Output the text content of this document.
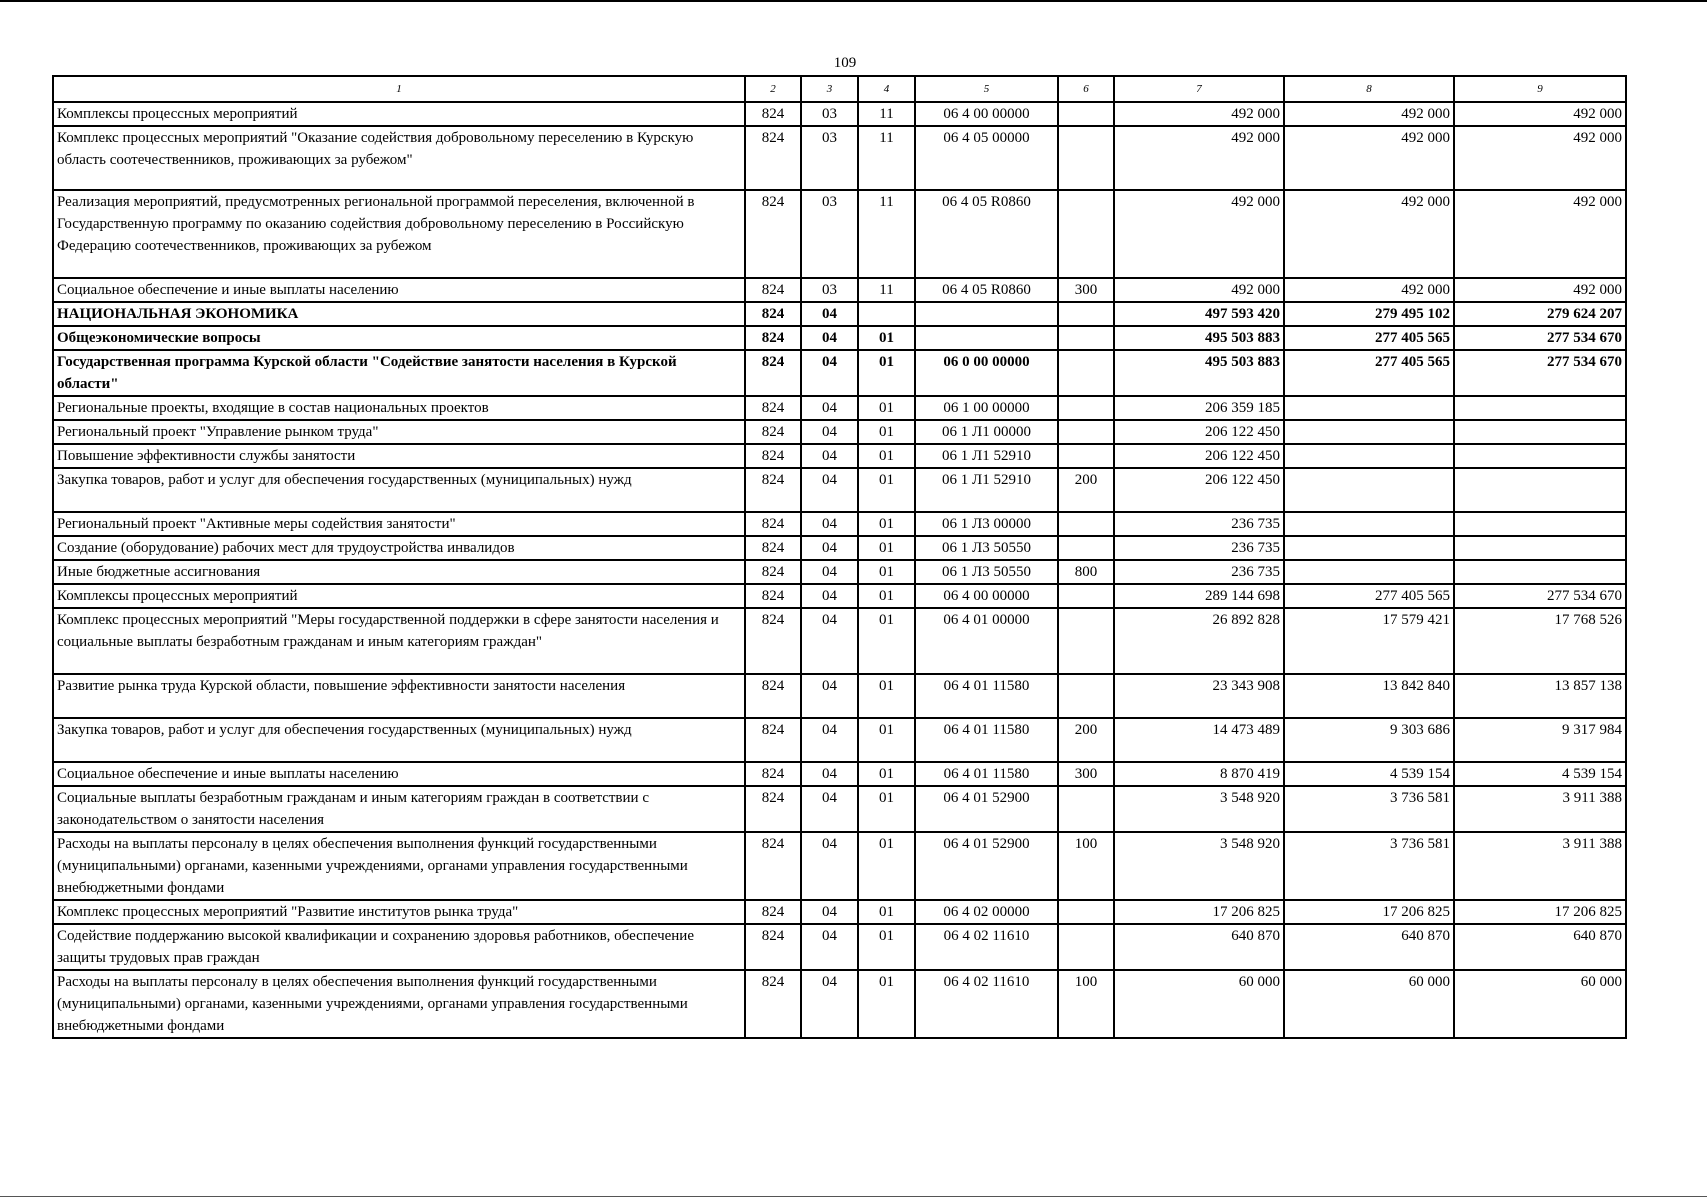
109
1	2	3	4	5	6	7	8	9
Комплексы процессных мероприятий	824	03	11	06 4 00 00000		492 000	492 000	492 000
Комплекс процессных мероприятий "Оказание содействия добровольному переселению в Курскую область соотечественников, проживающих за рубежом"	824	03	11	06 4 05 00000		492 000	492 000	492 000
Реализация мероприятий, предусмотренных региональной программой переселения, включенной в Государственную программу по оказанию содействия добровольному переселению в Российскую Федерацию соотечественников, проживающих за рубежом	824	03	11	06 4 05 R0860		492 000	492 000	492 000
Социальное обеспечение и иные выплаты населению	824	03	11	06 4 05 R0860	300	492 000	492 000	492 000
НАЦИОНАЛЬНАЯ ЭКОНОМИКА	824	04				497 593 420	279 495 102	279 624 207
Общеэкономические вопросы	824	04	01			495 503 883	277 405 565	277 534 670
Государственная программа Курской области "Содействие занятости населения в Курской области"	824	04	01	06 0 00 00000		495 503 883	277 405 565	277 534 670
Региональные проекты, входящие в состав национальных проектов	824	04	01	06 1 00 00000		206 359 185		
Региональный проект "Управление рынком труда"	824	04	01	06 1 Л1 00000		206 122 450		
Повышение эффективности службы занятости	824	04	01	06 1 Л1 52910		206 122 450		
Закупка товаров, работ и услуг для обеспечения государственных (муниципальных) нужд	824	04	01	06 1 Л1 52910	200	206 122 450		
Региональный проект "Активные меры содействия занятости"	824	04	01	06 1 Л3 00000		236 735		
Создание (оборудование) рабочих мест для трудоустройства инвалидов	824	04	01	06 1 Л3 50550		236 735		
Иные бюджетные ассигнования	824	04	01	06 1 Л3 50550	800	236 735		
Комплексы процессных мероприятий	824	04	01	06 4 00 00000		289 144 698	277 405 565	277 534 670
Комплекс процессных мероприятий "Меры государственной поддержки в сфере занятости населения и социальные выплаты безработным гражданам и иным категориям граждан"	824	04	01	06 4 01 00000		26 892 828	17 579 421	17 768 526
Развитие рынка труда Курской области, повышение эффективности занятости населения	824	04	01	06 4 01 11580		23 343 908	13 842 840	13 857 138
Закупка товаров, работ и услуг для обеспечения государственных (муниципальных) нужд	824	04	01	06 4 01 11580	200	14 473 489	9 303 686	9 317 984
Социальное обеспечение и иные выплаты населению	824	04	01	06 4 01 11580	300	8 870 419	4 539 154	4 539 154
Социальные выплаты безработным гражданам и иным категориям граждан в соответствии с законодательством о занятости населения	824	04	01	06 4 01 52900		3 548 920	3 736 581	3 911 388
Расходы на выплаты персоналу в целях обеспечения выполнения функций государственными (муниципальными) органами, казенными учреждениями, органами управления государственными внебюджетными фондами	824	04	01	06 4 01 52900	100	3 548 920	3 736 581	3 911 388
Комплекс процессных мероприятий "Развитие институтов рынка труда"	824	04	01	06 4 02 00000		17 206 825	17 206 825	17 206 825
Содействие поддержанию высокой квалификации и сохранению здоровья работников, обеспечение защиты трудовых прав граждан	824	04	01	06 4 02 11610		640 870	640 870	640 870
Расходы на выплаты персоналу в целях обеспечения выполнения функций государственными (муниципальными) органами, казенными учреждениями, органами управления государственными внебюджетными фондами	824	04	01	06 4 02 11610	100	60 000	60 000	60 000
